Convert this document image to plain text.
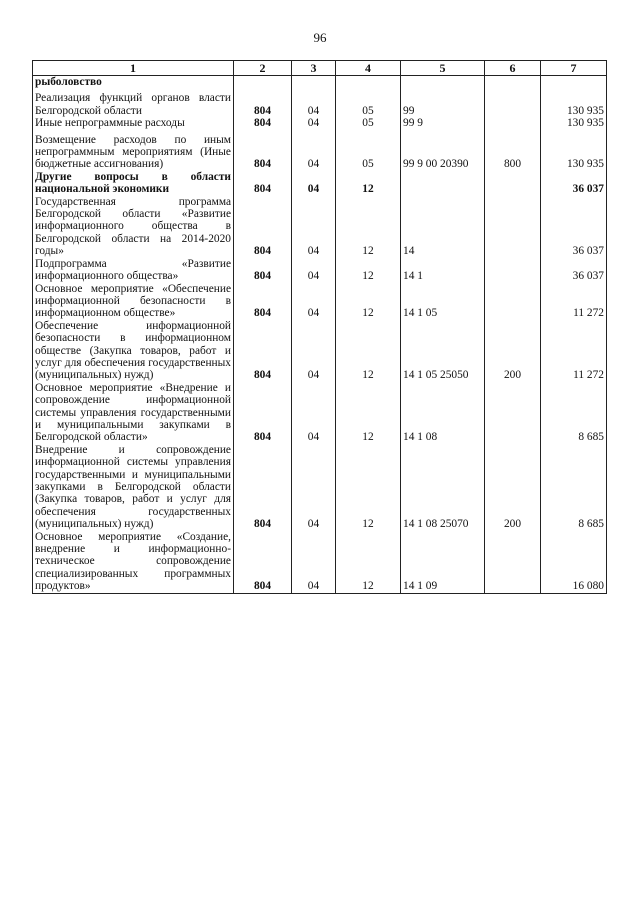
96
1	2	3	4	5	6	7
рыболовство						
Реализация функций органов власти Белгородской области	804	04	05	99		130 935
Иные непрограммные расходы	804	04	05	99 9		130 935
Возмещение расходов по иным непрограммным мероприятиям (Иные бюджетные ассигнования)	804	04	05	99 9 00 20390	800	130 935
Другие вопросы в области национальной экономики	804	04	12			36 037
Государственная программа Белгородской области «Развитие информационного общества в Белгородской области на 2014-2020 годы»	804	04	12	14		36 037
Подпрограмма «Развитие информационного общества»	804	04	12	14 1		36 037
Основное мероприятие «Обеспечение информационной безопасности в информационном обществе»	804	04	12	14 1 05		11 272
Обеспечение информационной безопасности в информационном обществе (Закупка товаров, работ и услуг для обеспечения государственных (муниципальных) нужд)	804	04	12	14 1 05 25050	200	11 272
Основное мероприятие «Внедрение и сопровождение информационной системы управления государственными и муниципальными закупками в Белгородской области»	804	04	12	14 1 08		8 685
Внедрение и сопровождение информационной системы управления государственными и муниципальными закупками в Белгородской области (Закупка товаров, работ и услуг для обеспечения государственных (муниципальных) нужд)	804	04	12	14 1 08 25070	200	8 685
Основное мероприятие «Создание, внедрение и информационно-техническое сопровождение специализированных программных продуктов»	804	04	12	14 1 09		16 080
